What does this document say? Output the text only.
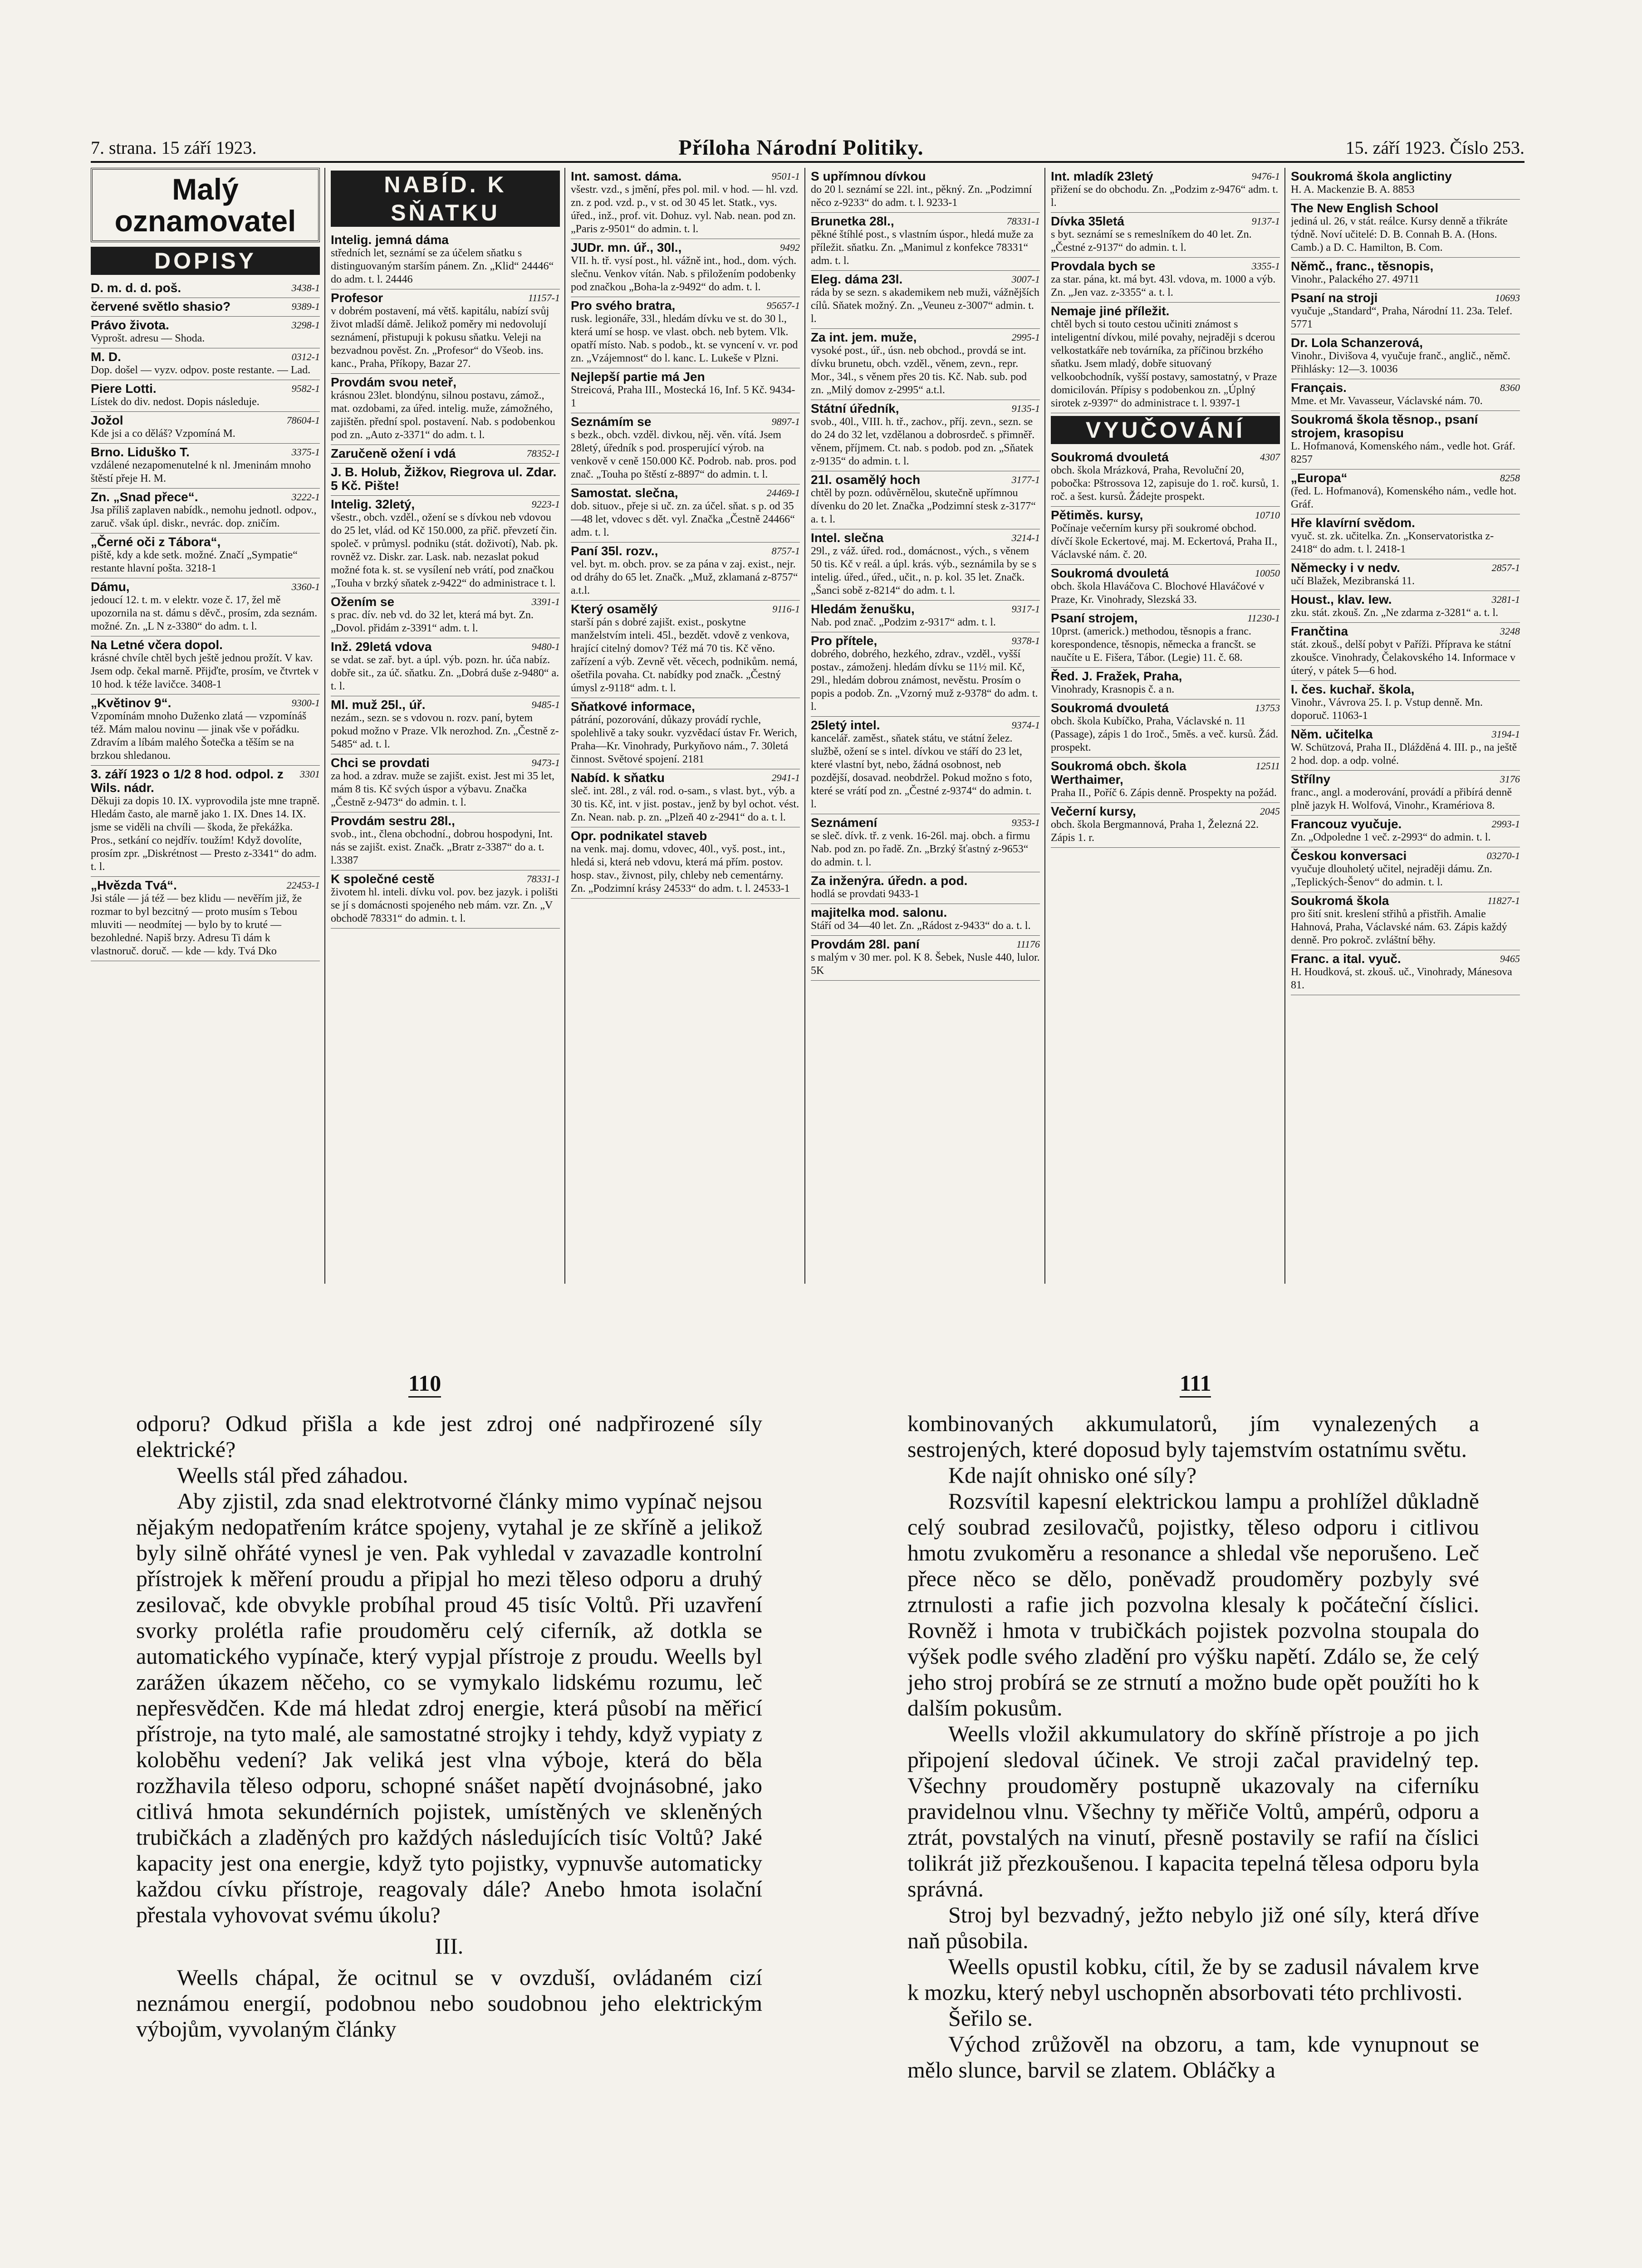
7. strana. 15 září 1923.	Příloha Národní Politiky.	15. září 1923. Číslo 253.
Malý
oznamovatel
DOPISY
3438-1
D. m. d. d. poš.
9389-1
červené světlo shasio?
3298-1
Právo života.
Vyprošt. adresu — Shoda.
0312-1
M. D.
Dop. došel — vyzv. odpov. poste restante. — Lad.
9582-1
Piere Lotti.
Lístek do div. nedost. Dopis následuje.
78604-1
Jožol
Kde jsi a co děláš? Vzpomíná M.
3375-1
Brno. Liduško T.
vzdálené nezapomenutelné k nl. Jmeninám mnoho štěstí přeje H. M.
3222-1
Zn. „Snad přece“.
Jsa příliš zaplaven nabídk., nemohu jednotl. odpov., zaruč. však úpl. diskr., nevrác. dop. zničím.
„Černé oči z Tábora“,
piště, kdy a kde setk. možné. Značí „Sympatie“ restante hlavní pošta. 3218-1
3360-1
Dámu,
jedoucí 12. t. m. v elektr. voze č. 17, žel mě upozornila na st. dámu s děvč., prosím, zda seznám. možné. Zn. „L N z-3380“ do adm. t. l.
Na Letné včera dopol.
krásné chvíle chtěl bych ještě jednou prožít. V kav. Jsem odp. čekal marně. Přijďte, prosím, ve čtvrtek v 10 hod. k téže lavičce. 3408-1
9300-1
„Květinov 9“.
Vzpomínám mnoho Duženko zlatá — vzpomínáš též. Mám malou novinu — jinak vše v pořádku. Zdravím a líbám malého Šotečka a těším se na brzkou shledanou.
3301
3. září 1923 o 1/2 8 hod. odpol. z Wils. nádr.
Děkuji za dopis 10. IX. vyprovodila jste mne trapně. Hledám často, ale marně jako 1. IX. Dnes 14. IX. jsme se viděli na chvíli — škoda, že překážka. Pros., setkání co nejdřív. toužím! Když dovolíte, prosím zpr. „Diskrétnost — Presto z-3341“ do adm. t. l.
22453-1
„Hvězda Tvá“.
Jsi stále — já též — bez klidu — nevěřím již, že rozmar to byl bezcitný — proto musím s Tebou mluviti — neodmítej — bylo by to kruté — bezohledné. Napiš brzy. Adresu Ti dám k vlastnoruč. doruč. — kde — kdy. Tvá Dko
NABÍD. K SŇATKU
Intelig. jemná dáma
středních let, seznámí se za účelem sňatku s distinguovaným starším pánem. Zn. „Klid“ 24446“ do adm. t. l. 24446
11157-1
Profesor
v dobrém postavení, má větš. kapitálu, nabízí svůj život mladší dámě. Jelikož poměry mi nedovolují seznámení, přistupuji k pokusu sňatku. Veleji na bezvadnou pověst. Zn. „Profesor“ do Všeob. ins. kanc., Praha, Příkopy, Bazar 27.
Provdám svou neteř,
krásnou 23let. blondýnu, silnou postavu, zámož., mat. ozdobami, za úřed. intelig. muže, zámožného, zajištěn. přední spol. postavení. Nab. s podobenkou pod zn. „Auto z-3371“ do adm. t. l.
78352-1
Zaručeně ožení i vdá
J. B. Holub, Žižkov, Riegrova ul. Zdar. 5 Kč. Pište!
9223-1
Intelig. 32letý,
všestr., obch. vzděl., ožení se s dívkou neb vdovou do 25 let, vlád. od Kč 150.000, za přič. převzetí čin. společ. v průmysl. podniku (stát. doživotí), Nab. pk. rovněž vz. Diskr. zar. Lask. nab. nezaslat pokud možné fota k. st. se vysílení neb vrátí, pod značkou „Touha v brzký sňatek z-9422“ do administrace t. l.
3391-1
Ožením se
s prac. dív. neb vd. do 32 let, která má byt. Zn. „Dovol. přidám z-3391“ adm. t. l.
9480-1
Inž. 29letá vdova
se vdat. se zař. byt. a úpl. výb. pozn. hr. úča nabíz. dobře sit., za úč. sňatku. Zn. „Dobrá duše z-9480“ a. t. l.
9485-1
Ml. muž 25l., úř.
nezám., sezn. se s vdovou n. rozv. paní, bytem pokud možno v Praze. Vlk nerozhod. Zn. „Čestně z-5485“ ad. t. l.
9473-1
Chci se provdati
za hod. a zdrav. muže se zajišt. exist. Jest mi 35 let, mám 8 tis. Kč svých úspor a výbavu. Značka „Čestně z-9473“ do admin. t. l.
Provdám sestru 28l.,
svob., int., člena obchodní., dobrou hospodyni, Int. nás se zajišt. exist. Značk. „Bratr z-3387“ do a. t. l.3387
78331-1
K společné cestě
životem hl. inteli. dívku vol. pov. bez jazyk. i polišti se jí s domácnosti spojeného neb mám. vzr. Zn. „V obchodě 78331“ do admin. t. l.
9501-1
Int. samost. dáma.
všestr. vzd., s jmění, přes pol. mil. v hod. — hl. vzd. zn. z pod. vzd. p., v st. od 30 45 let. Statk., vys. úřed., inž., prof. vit. Dohuz. vyl. Nab. nean. pod zn. „Paris z-9501“ do admin. t. l.
9492
JUDr. mn. úř., 30l.,
VII. h. tř. vysí post., hl. vážně int., hod., dom. vých. slečnu. Venkov vítán. Nab. s přiložením podobenky pod značkou „Boha-la z-9492“ do adm. t. l.
95657-1
Pro svého bratra,
rusk. legionáře, 33l., hledám dívku ve st. do 30 l., která umí se hosp. ve vlast. obch. neb bytem. Vlk. opatří místo. Nab. s podob., kt. se vyncení v. vr. pod zn. „Vzájemnost“ do l. kanc. L. Lukeše v Plzni.
Nejlepší partie má Jen
Streicová, Praha III., Mostecká 16, Inf. 5 Kč. 9434-1
9897-1
Seznámím se
s bezk., obch. vzděl. divkou, něj. věn. vítá. Jsem 28letý, úředník s pod. prosperující výrob. na venkově v ceně 150.000 Kč. Podrob. nab. pros. pod znač. „Touha po štěstí z-8897“ do admin. t. l.
24469-1
Samostat. slečna,
dob. situov., přeje si uč. zn. za účel. sňat. s p. od 35—48 let, vdovec s dět. vyl. Značka „Čestně 24466“ adm. t. l.
8757-1
Paní 35l. rozv.,
vel. byt. m. obch. prov. se za pána v zaj. exist., nejr. od dráhy do 65 let. Značk. „Muž, zklamaná z-8757“ a.t.l.
9116-1
Který osamělý
starší pán s dobré zajišt. exist., poskytne manželstvím inteli. 45l., bezdět. vdově z venkova, hrající citelný domov? Též má 70 tis. Kč věno. zařízení a výb. Zevně vět. věcech, podnikům. nemá, ošetřila povaha. Ct. nabídky pod značk. „Čestný úmysl z-9118“ adm. t. l.
Sňatkové informace,
pátrání, pozorování, důkazy provádí rychle, spolehlivě a taky soukr. vyzvědací ústav Fr. Werich, Praha—Kr. Vinohrady, Purkyňovo nám., 7. 30letá činnost. Světové spojení. 2181
2941-1
Nabíd. k sňatku
sleč. int. 28l., z vál. rod. o-sam., s vlast. byt., výb. a 30 tis. Kč, int. v jist. postav., jenž by byl ochot. vést. Zn. Nean. nab. p. zn. „Plzeň 40 z-2941“ do a. t. l.
Opr. podnikatel staveb
na venk. maj. domu, vdovec, 40l., vyš. post., int., hledá si, která neb vdovu, která má přím. postov. hosp. stav., živnost, pily, chleby neb cementárny. Zn. „Podzimní krásy 24533“ do adm. t. l. 24533-1
S upřímnou dívkou
do 20 l. seznámí se 22l. int., pěkný. Zn. „Podzimní něco z-9233“ do adm. t. l. 9233-1
78331-1
Brunetka 28l.,
pěkné štíhlé post., s vlastním úspor., hledá muže za příležit. sňatku. Zn. „Manimul z konfekce 78331“ adm. t. l.
3007-1
Eleg. dáma 23l.
ráda by se sezn. s akademikem neb muži, vážnějších cílů. Sňatek možný. Zn. „Veuneu z-3007“ admin. t. l.
2995-1
Za int. jem. muže,
vysoké post., úř., úsn. neb obchod., provdá se int. dívku brunetu, obch. vzděl., věnem, zevn., repr. Mor., 34l., s věnem přes 20 tis. Kč. Nab. sub. pod zn. „Milý domov z-2995“ a.t.l.
9135-1
Státní úředník,
svob., 40l., VIII. h. tř., zachov., příj. zevn., sezn. se do 24 do 32 let, vzdělanou a dobrosrdeč. s přimněř. věnem, příjmem. Ct. nab. s podob. pod zn. „Sňatek z-9135“ do admin. t. l.
3177-1
21l. osamělý hoch
chtěl by pozn. odůvěrnělou, skutečně upřímnou dívenku do 20 let. Značka „Podzimní stesk z-3177“ a. t. l.
3214-1
Intel. slečna
29l., z váž. úřed. rod., domácnost., vých., s věnem 50 tis. Kč v reál. a úpl. krás. výb., seznámila by se s intelig. úřed., úřed., učit., n. p. kol. 35 let. Značk. „Šanci sobě z-8214“ do adm. t. l.
9317-1
Hledám ženušku,
Nab. pod znač. „Podzim z-9317“ adm. t. l.
9378-1
Pro přítele,
dobrého, dobrého, hezkého, zdrav., vzděl., vyšší postav., zámoženj. hledám dívku se 11½ mil. Kč, 29l., hledám dobrou známost, nevěstu. Prosím o popis a podob. Zn. „Vzorný muž z-9378“ do adm. t. l.
9374-1
25letý intel.
kancelář. zaměst., sňatek státu, ve státní želez. službě, ožení se s intel. dívkou ve stáří do 23 let, které vlastní byt, nebo, žádná osobnost, neb pozdější, dosavad. neobdržel. Pokud možno s foto, které se vrátí pod zn. „Čestné z-9374“ do admin. t. l.
9353-1
Seznámení
se sleč. dívk. tř. z venk. 16-26l. maj. obch. a firmu Nab. pod zn. po řadě. Zn. „Brzký šťastný z-9653“ do admin. t. l.
Za inženýra. úředn. a pod.
hodlá se provdati 9433-1
majitelka mod. salonu.
Stáří od 34—40 let. Zn. „Rádost z-9433“ do a. t. l.
11176
Provdám 28l. paní
s malým v 30 mer. pol. K 8. Šebek, Nusle 440, lulor. 5K
9476-1
Int. mladík 23letý
přižení se do obchodu. Zn. „Podzim z-9476“ adm. t. l.
9137-1
Dívka 35letá
s byt. seznámí se s remeslníkem do 40 let. Zn. „Čestné z-9137“ do admin. t. l.
3355-1
Provdala bych se
za star. pána, kt. má byt. 43l. vdova, m. 1000 a výb. Zn. „Jen vaz. z-3355“ a. t. l.
Nemaje jiné příležit.
chtěl bych si touto cestou učiniti známost s inteligentní dívkou, milé povahy, nejraději s dcerou velkostatkáře neb továrníka, za příčinou brzkého sňatku. Jsem mladý, dobře situovaný velkoobchodník, vyšší postavy, samostatný, v Praze domicilován. Přípisy s podobenkou zn. „Úplný sirotek z-9397“ do administrace t. l. 9397-1
VYUČOVÁNÍ
4307
Soukromá dvouletá
obch. škola Mrázková, Praha, Revoluční 20, pobočka: Pštrossova 12, zapisuje do 1. roč. kursů, 1. roč. a šest. kursů. Žádejte prospekt.
10710
Pětiměs. kursy,
Počínaje večerním kursy při soukromé obchod. dívčí škole Eckertové, maj. M. Eckertová, Praha II., Václavské nám. č. 20.
10050
Soukromá dvouletá
obch. škola Hlaváčova C. Blochové Hlaváčové v Praze, Kr. Vinohrady, Slezská 33.
11230-1
Psaní strojem,
10prst. (americk.) methodou, těsnopis a franc. korespondence, těsnopis, německa a francšt. se naučíte u E. Fišera, Tábor. (Legie) 11. č. 68.
Řed. J. Fražek, Praha,
Vinohrady, Krasnopis č. a n.
13753
Soukromá dvouletá
obch. škola Kubíčko, Praha, Václavské n. 11 (Passage), zápis 1 do 1roč., 5měs. a več. kursů. Žád. prospekt.
12511
Soukromá obch. škola Werthaimer,
Praha II., Poříč 6. Zápis denně. Prospekty na požád.
2045
Večerní kursy,
obch. škola Bergmannová, Praha 1, Železná 22. Zápis 1. r.
Soukromá škola anglictiny
H. A. Mackenzie B. A. 8853
The New English School
jediná ul. 26, v stát. reálce. Kursy denně a třikráte týdně. Noví učitelé: D. B. Connah B. A. (Hons. Camb.) a D. C. Hamilton, B. Com.
Němč., franc., těsnopis,
Vinohr., Palackého 27. 49711
10693
Psaní na stroji
vyučuje „Standard“, Praha, Národní 11. 23a. Telef. 5771
Dr. Lola Schanzerová,
Vinohr., Divišova 4, vyučuje franč., anglič., němč. Přihlásky: 12—3. 10036
8360
Français.
Mme. et Mr. Vavasseur, Václavské nám. 70.
Soukromá škola těsnop., psaní strojem, krasopisu
L. Hofmanová, Komenského nám., vedle hot. Gráf. 8257
8258
„Europa“
(řed. L. Hofmanová), Komenského nám., vedle hot. Gráf.
Hře klavírní svědom.
vyuč. st. zk. učitelka. Zn. „Konservatoristka z-2418“ do adm. t. l. 2418-1
2857-1
Německy i v nedv.
učí Blažek, Mezibranská 11.
3281-1
Houst., klav. Iew.
zku. stát. zkouš. Zn. „Ne zdarma z-3281“ a. t. l.
3248
Frančtina
stát. zkouš., delší pobyt v Paříži. Příprava ke státní zkoušce. Vinohrady, Čelakovského 14. Informace v úterý, v pátek 5—6 hod.
I. čes. kuchař. škola,
Vinohr., Vávrova 25. I. p. Vstup denně. Mn. doporuč. 11063-1
3194-1
Něm. učitelka
W. Schützová, Praha II., Dlážděná 4. III. p., na ještě 2 hod. dop. a odp. volné.
3176
Střílny
franc., angl. a moderování, provádí a přibírá denně plně jazyk H. Wolfová, Vinohr., Kramériova 8.
2993-1
Francouz vyučuje.
Zn. „Odpoledne 1 več. z-2993“ do admin. t. l.
03270-1
Českou konversaci
vyučuje dlouholetý učitel, nejraději dámu. Zn. „Teplických-Šenov“ do admin. t. l.
11827-1
Soukromá škola
pro šití snit. kreslení střihů a přistřih. Amalie Hahnová, Praha, Václavské nám. 63. Zápis každý denně. Pro pokroč. zvláštní běhy.
9465
Franc. a ital. vyuč.
H. Houdková, st. zkouš. uč., Vinohrady, Mánesova 81.
110	111

odporu? Odkud přišla a kde jest zdroj oné nadpřirozené síly elektrické?

Weells stál před záhadou.

Aby zjistil, zda snad elektrotvorné články mimo vypínač nejsou nějakým nedopatřením krátce spojeny, vytahal je ze skříně a jelikož byly silně ohřáté vynesl je ven. Pak vyhledal v zavazadle kontrolní přístrojek k měření proudu a připjal ho mezi těleso odporu a druhý zesilovač, kde obvykle probíhal proud 45 tisíc Voltů. Při uzavření svorky prolétla rafie proudoměru celý ciferník, až dotkla se automatického vypínače, který vypjal přístroje z proudu. Weells byl zarážen úkazem něčeho, co se vymykalo lidskému rozumu, leč nepřesvědčen. Kde má hledat zdroj energie, která působí na měřicí přístroje, na tyto malé, ale samostatné strojky i tehdy, když vypiaty z koloběhu vedení? Jak veliká jest vlna výboje, která do běla rozžhavila těleso odporu, schopné snášet napětí dvojnásobné, jako citlivá hmota sekundérních pojistek, umístěných ve skleněných trubičkách a zladěných pro každých následujících tisíc Voltů? Jaké kapacity jest ona energie, když tyto pojistky, vypnuvše automaticky každou cívku přístroje, reagovaly dále? Anebo hmota isolační přestala vyhovovat svému úkolu?

III.

Weells chápal, že ocitnul se v ovzduší, ovládaném cizí neznámou energií, podobnou nebo soudobnou jeho elektrickým výbojům, vyvolaným články

kombinovaných akkumulatorů, jím vynalezených a sestrojených, které doposud byly tajemstvím ostatnímu světu.

Kde najít ohnisko oné síly?

Rozsvítil kapesní elektrickou lampu a prohlížel důkladně celý soubrad zesilovačů, pojistky, těleso odporu i citlivou hmotu zvukoměru a resonance a shledal vše neporušeno. Leč přece něco se dělo, poněvadž proudoměry pozbyly své ztrnulosti a rafie jich pozvolna klesaly k počáteční číslici. Rovněž i hmota v trubičkách pojistek pozvolna stoupala do výšek podle svého zladění pro výšku napětí. Zdálo se, že celý jeho stroj probírá se ze strnutí a možno bude opět použíti ho k dalším pokusům.

Weells vložil akkumulatory do skříně přístroje a po jich připojení sledoval účinek. Ve stroji začal pravidelný tep. Všechny proudoměry postupně ukazovaly na ciferníku pravidelnou vlnu. Všechny ty měřiče Voltů, ampérů, odporu a ztrát, povstalých na vinutí, přesně postavily se rafií na číslici tolikrát již přezkoušenou. I kapacita tepelná tělesa odporu byla správná.

Stroj byl bezvadný, ježto nebylo již oné síly, která dříve naň působila.

Weells opustil kobku, cítil, že by se zadusil návalem krve k mozku, který nebyl uschopněn absorbovati této prchlivosti.

Šeřilo se.

Východ zrůžověl na obzoru, a tam, kde vynupnout se mělo slunce, barvil se zlatem. Obláčky a
